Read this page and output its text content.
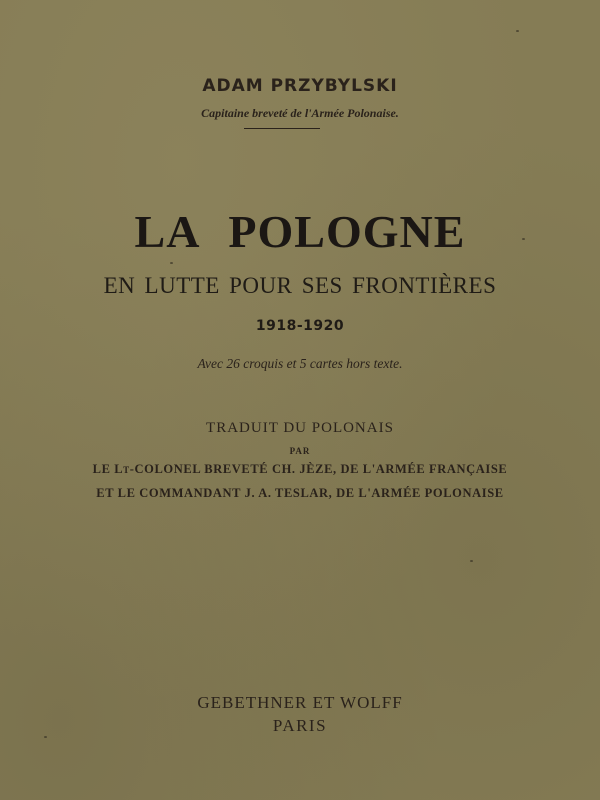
ADAM PRZYBYLSKI
Capitaine breveté de l'Armée Polonaise.
LA POLOGNE
EN LUTTE POUR SES FRONTIÈRES
1918-1920
Avec 26 croquis et 5 cartes hors texte.
TRADUIT DU POLONAIS
PAR
LE Lt-COLONEL BREVETÉ CH. JÈZE, DE L'ARMÉE FRANÇAISE
ET LE COMMANDANT J. A. TESLAR, DE L'ARMÉE POLONAISE
GEBETHNER ET WOLFF
PARIS
